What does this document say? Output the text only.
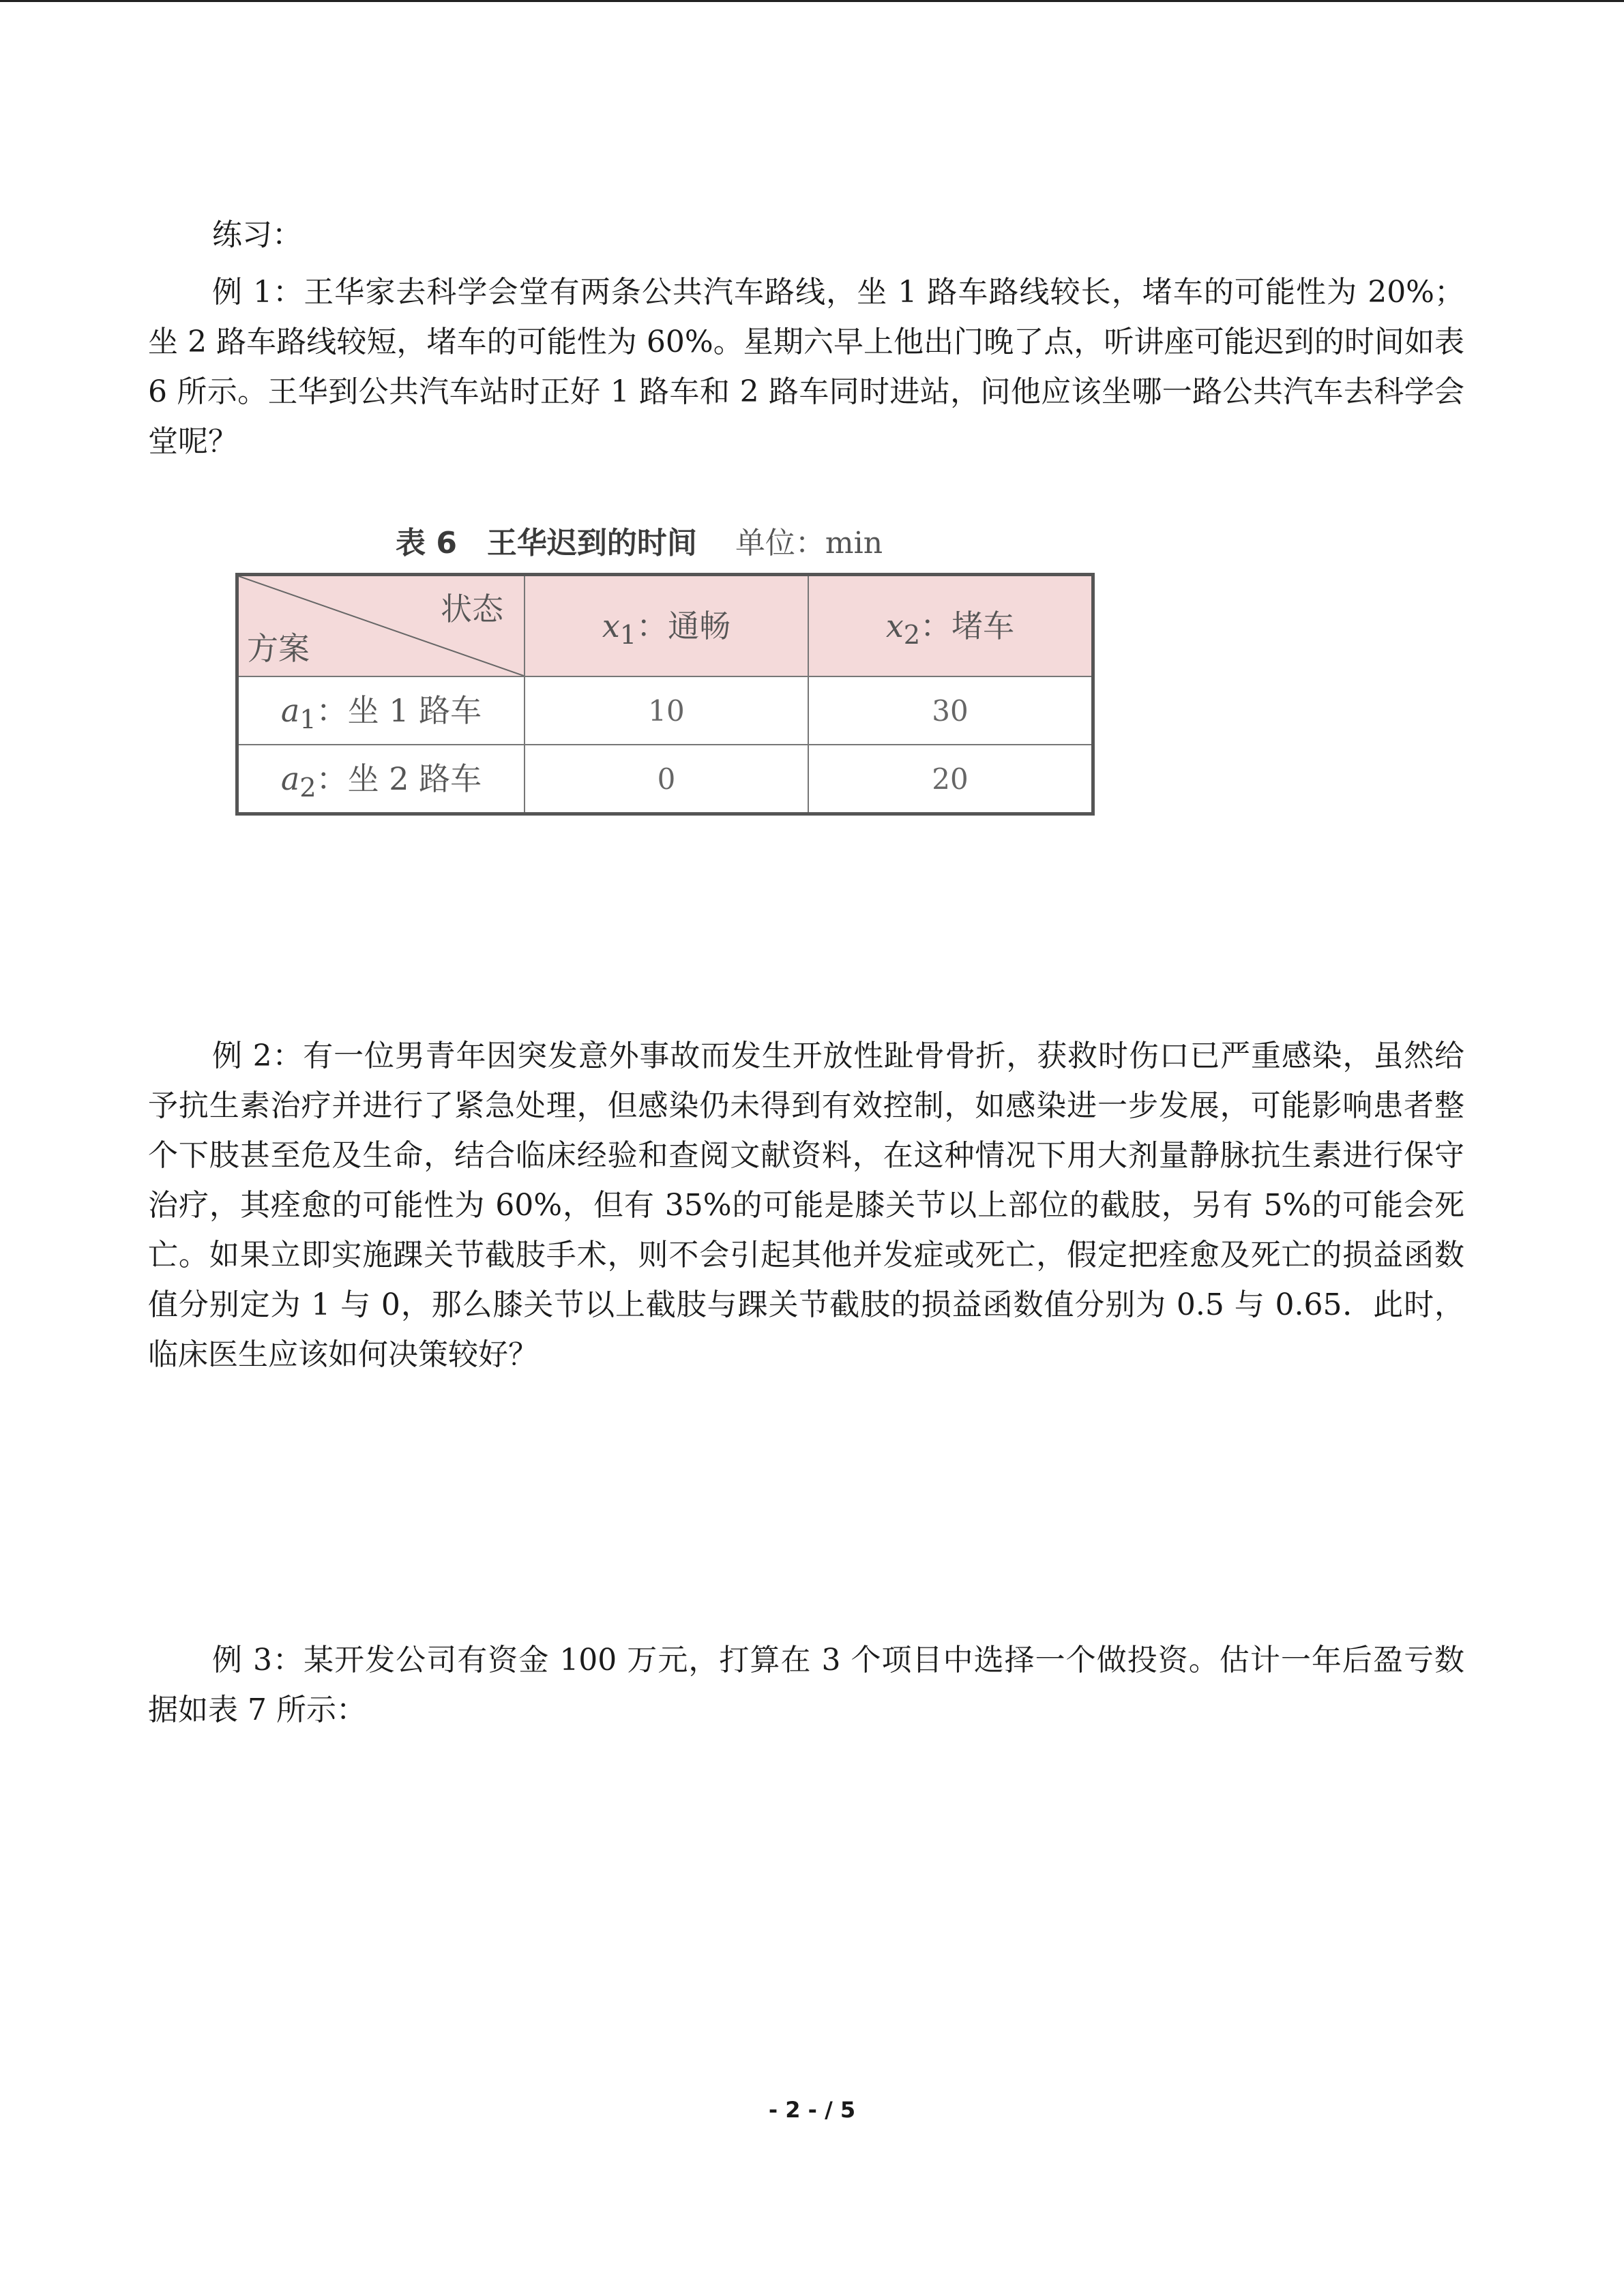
练习：
例 1：王华家去科学会堂有两条公共汽车路线，坐 1 路车路线较长，堵车的可能性为 20%；坐 2 路车路线较短，堵车的可能性为 60%。星期六早上他出门晚了点，听讲座可能迟到的时间如表 6 所示。王华到公共汽车站时正好 1 路车和 2 路车同时进站，问他应该坐哪一路公共汽车去科学会堂呢？
表 6　王华迟到的时间 单位：min
状态
方案	$x_1$：通畅	$x_2$：堵车
$a_1$：坐 1 路车	10	30
$a_2$：坐 2 路车	0	20
例 2：有一位男青年因突发意外事故而发生开放性趾骨骨折，获救时伤口已严重感染，虽然给予抗生素治疗并进行了紧急处理，但感染仍未得到有效控制，如感染进一步发展，可能影响患者整个下肢甚至危及生命，结合临床经验和查阅文献资料，在这种情况下用大剂量静脉抗生素进行保守治疗，其痊愈的可能性为 60%，但有 35%的可能是膝关节以上部位的截肢，另有 5%的可能会死亡。如果立即实施踝关节截肢手术，则不会引起其他并发症或死亡，假定把痊愈及死亡的损益函数值分别定为 1 与 0，那么膝关节以上截肢与踝关节截肢的损益函数值分别为 0.5 与 0.65．此时，临床医生应该如何决策较好？
例 3：某开发公司有资金 100 万元，打算在 3 个项目中选择一个做投资。估计一年后盈亏数据如表 7 所示：
- 2 - / 5
